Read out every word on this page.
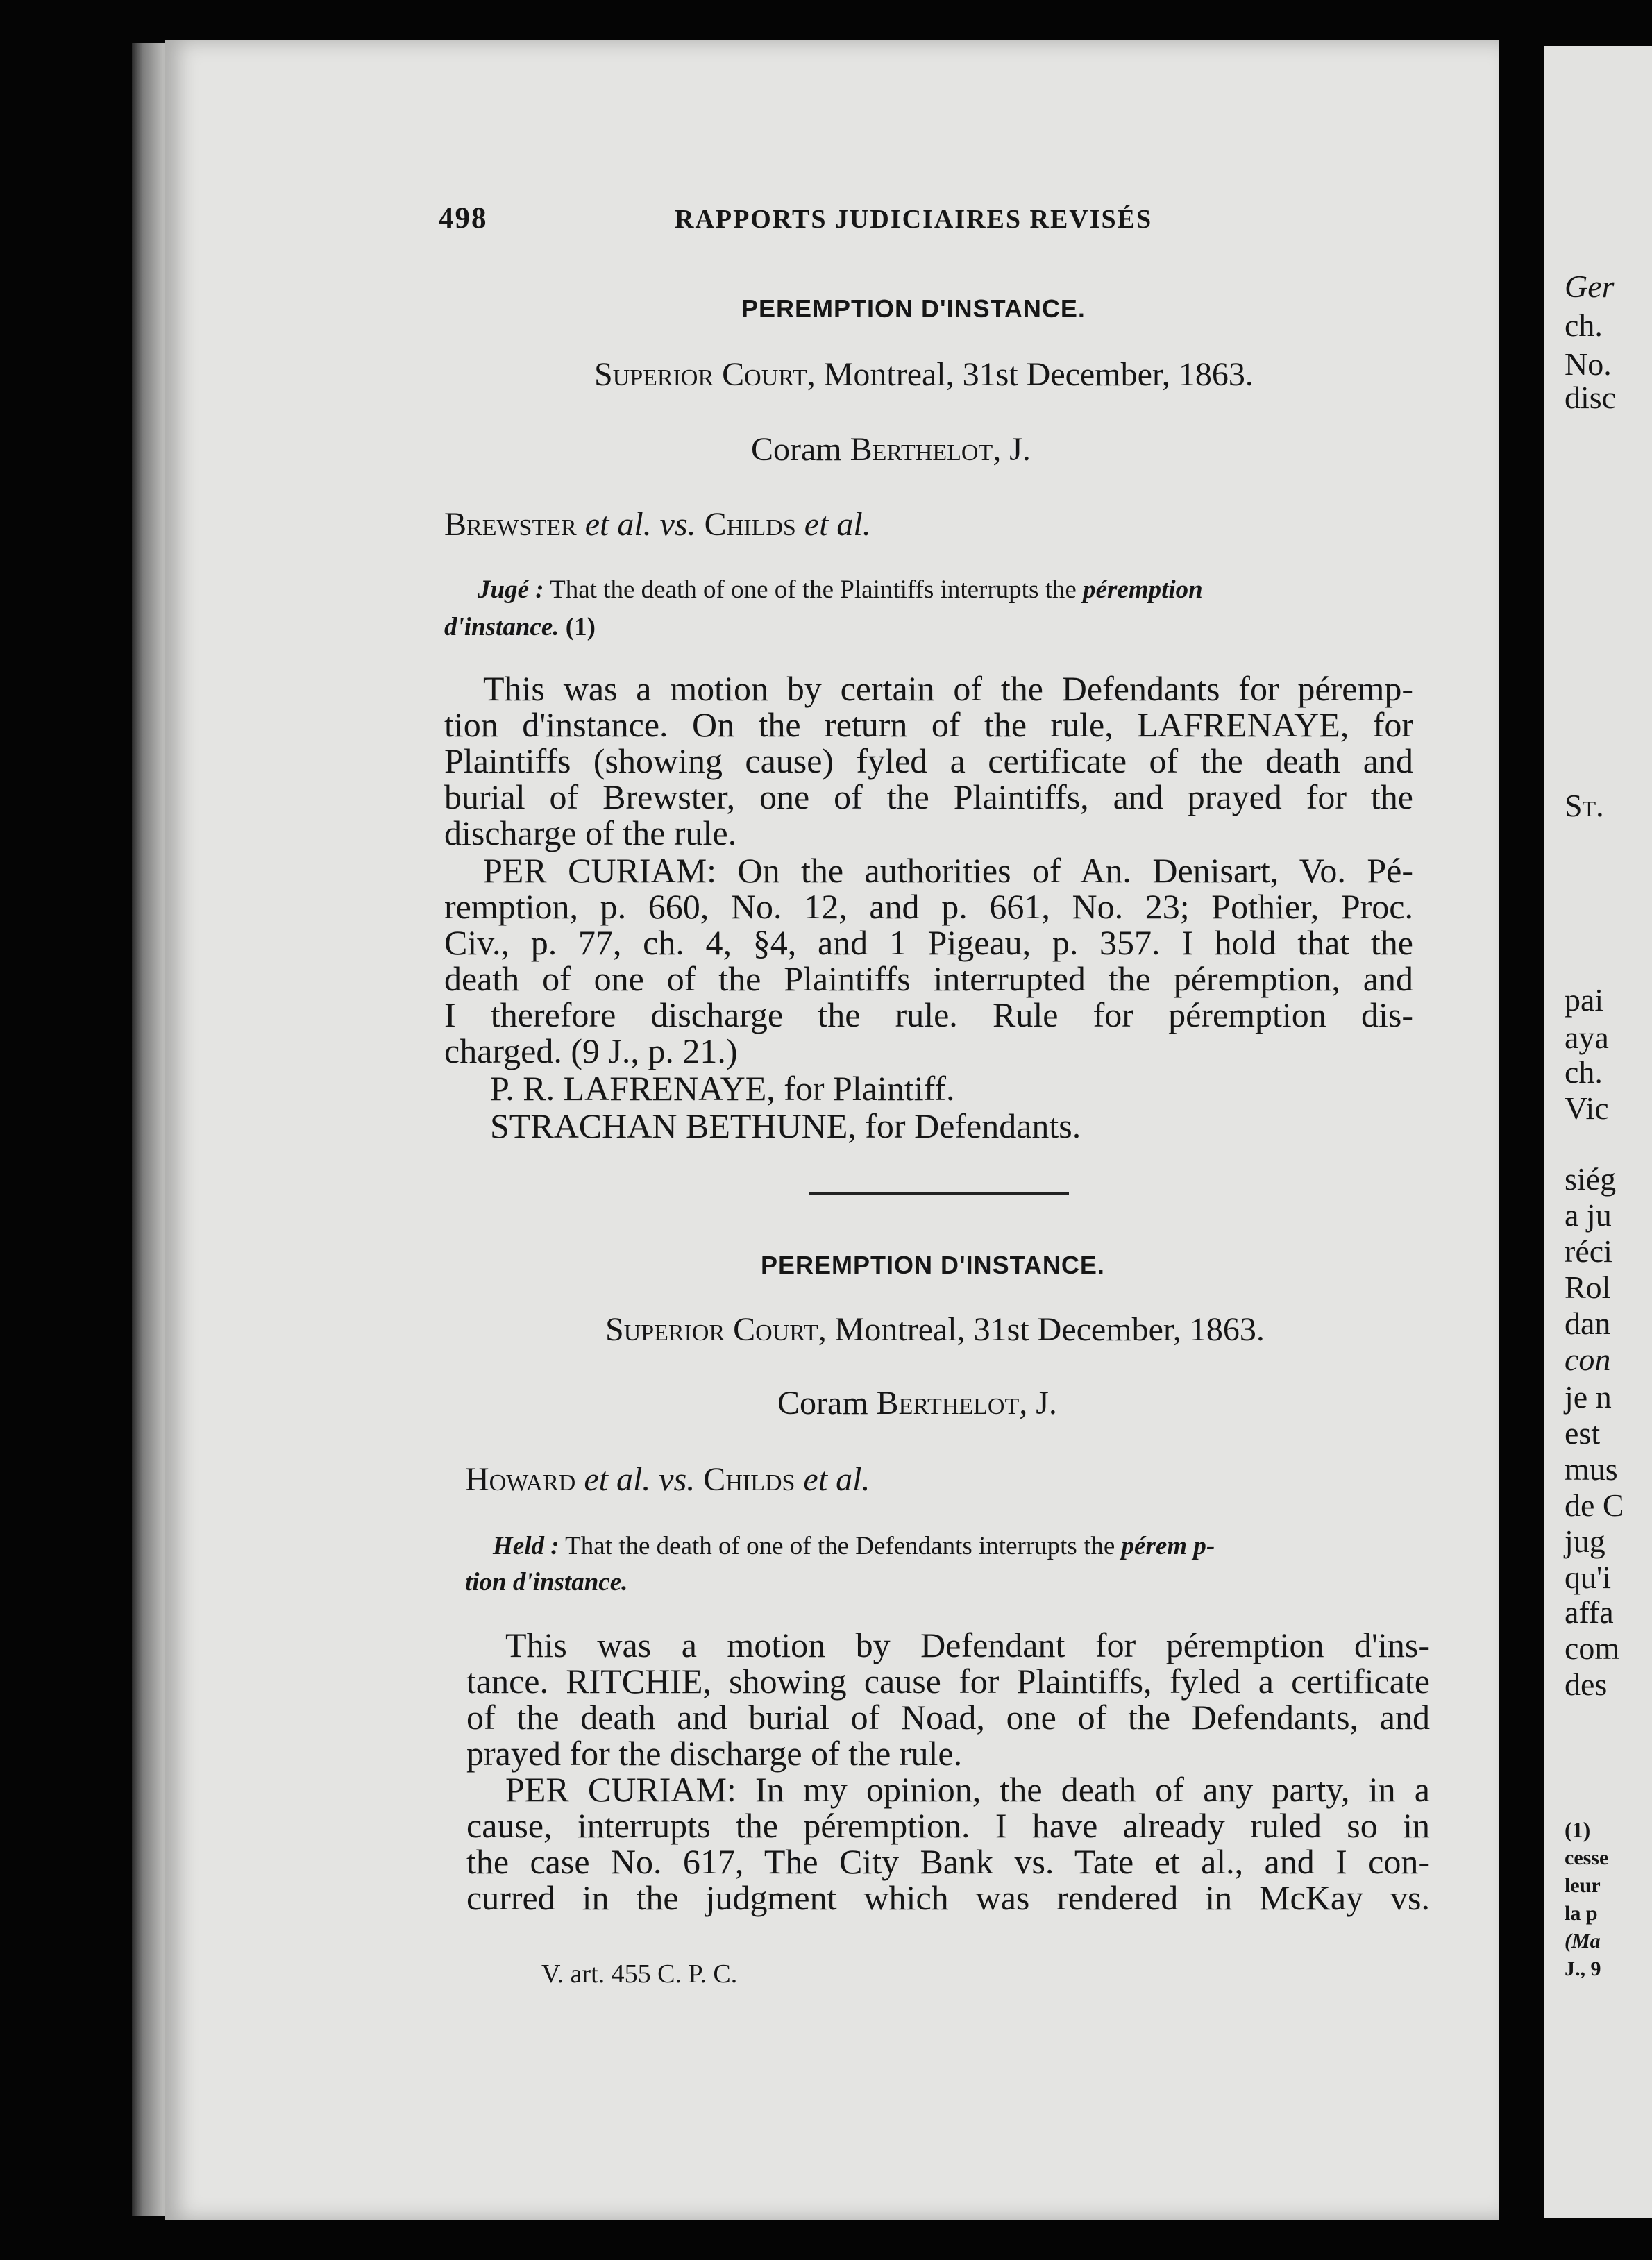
498	RAPPORTS JUDICIAIRES REVISÉS
PEREMPTION D'INSTANCE.
Superior Court, Montreal, 31st December, 1863.
Coram Berthelot, J.
Brewster et al. vs. Childs et al.
Jugé : That the death of one of the Plaintiffs interrupts the péremption
d'instance. (1)

This was a motion by certain of the Defendants for péremp-

tion d'instance. On the return of the rule, LAFRENAYE, for

Plaintiffs (showing cause) fyled a certificate of the death and

burial of Brewster, one of the Plaintiffs, and prayed for the

discharge of the rule.

PER CURIAM: On the authorities of An. Denisart, Vo. Pé-

remption, p. 660, No. 12, and p. 661, No. 23; Pothier, Proc.

Civ., p. 77, ch. 4, §4, and 1 Pigeau, p. 357. I hold that the

death of one of the Plaintiffs interrupted the péremption, and

I therefore discharge the rule. Rule for péremption dis-

charged. (9 J., p. 21.)

P. R. LAFRENAYE, for Plaintiff.
STRACHAN BETHUNE, for Defendants.
PEREMPTION D'INSTANCE.
Superior Court, Montreal, 31st December, 1863.
Coram Berthelot, J.
Howard et al. vs. Childs et al.
Held : That the death of one of the Defendants interrupts the pérem p-
tion d'instance.

This was a motion by Defendant for péremption d'ins-

tance. RITCHIE, showing cause for Plaintiffs, fyled a certificate

of the death and burial of Noad, one of the Defendants, and

prayed for the discharge of the rule.

PER CURIAM: In my opinion, the death of any party, in a

cause, interrupts the péremption. I have already ruled so in

the case No. 617, The City Bank vs. Tate et al., and I con-

curred in the judgment which was rendered in McKay vs.

V. art. 455 C. P. C.
Ger
ch.
No.
disc
St.
pai
aya
ch.
Vic
siég
a ju
réci
Rol
dan
con
je n
est
mus
de C
jug
qu'i
affa
com
des
(1)
cesse
leur
la p
(Ma
J., 9
